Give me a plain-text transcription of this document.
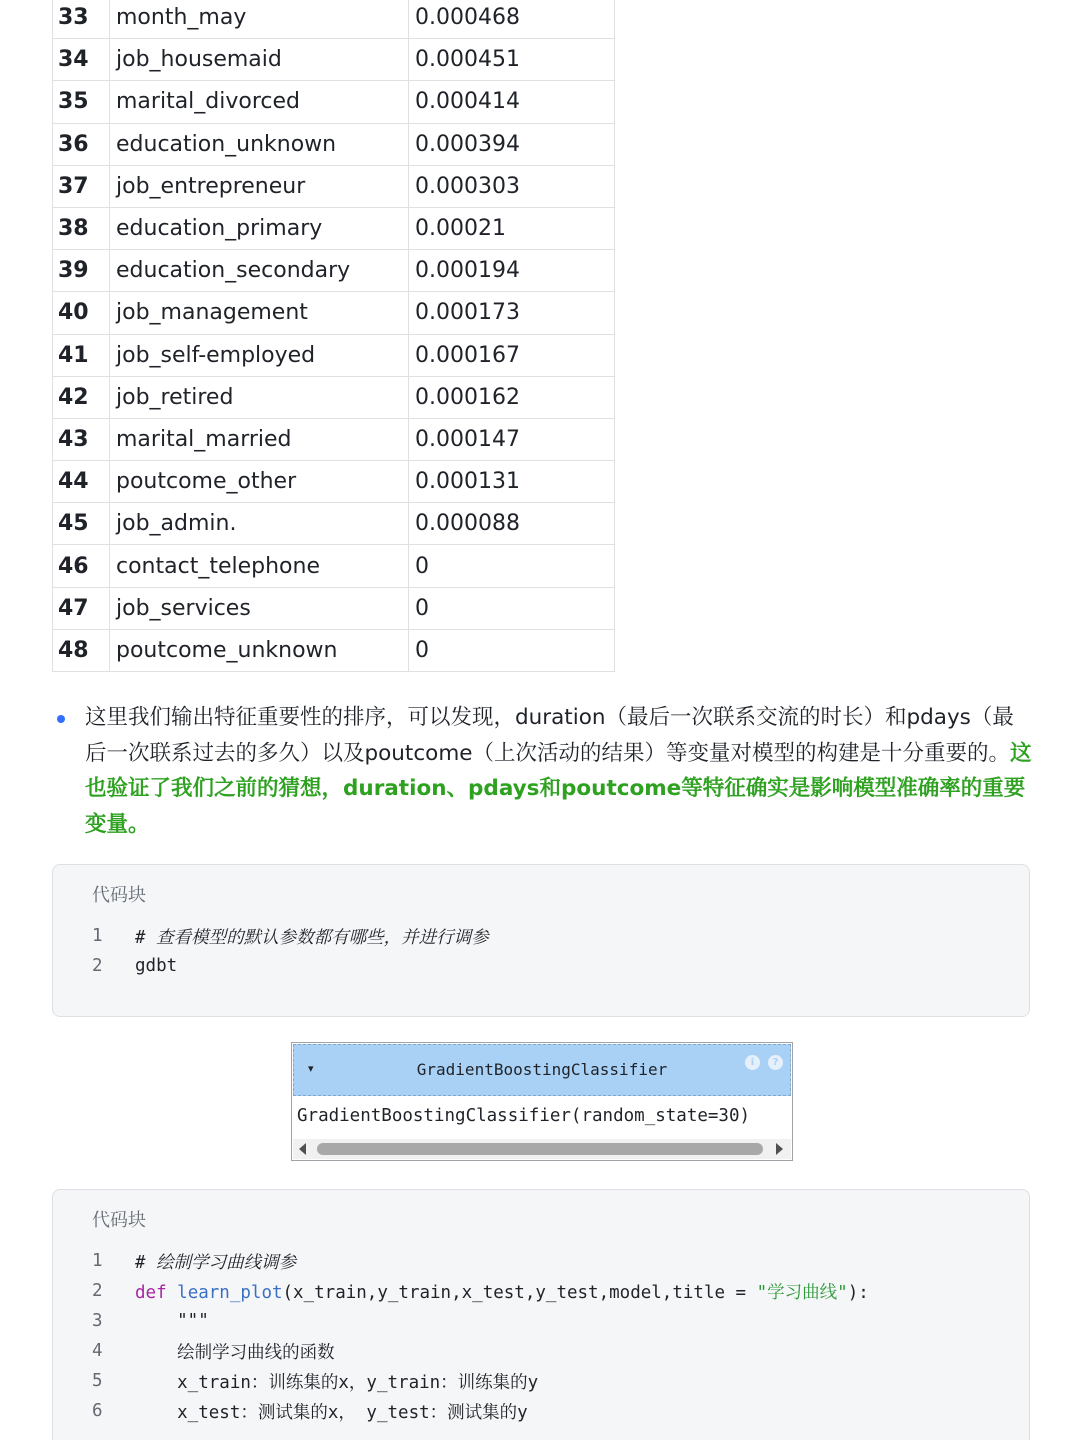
33	month_may	0.000468
34	job_housemaid	0.000451
35	marital_divorced	0.000414
36	education_unknown	0.000394
37	job_entrepreneur	0.000303
38	education_primary	0.00021
39	education_secondary	0.000194
40	job_management	0.000173
41	job_self-employed	0.000167
42	job_retired	0.000162
43	marital_married	0.000147
44	poutcome_other	0.000131
45	job_admin.	0.000088
46	contact_telephone	0
47	job_services	0
48	poutcome_unknown	0

这里我们输出特征重要性的排序，可以发现，duration（最后一次联系交流的时长）和pdays（最后一次联系过去的多久）以及poutcome（上次活动的结果）等变量对模型的构建是十分重要的。这也验证了我们之前的猜想，duration、pdays和poutcome等特征确实是影响模型准确率的重要变量。

代码块
1	# 查看模型的默认参数都有哪些，并进行调参
2	gdbt
▾	GradientBoostingClassifier	i	?
GradientBoostingClassifier(random_state=30)
代码块
1	# 绘制学习曲线调参
2	def learn_plot(x_train,y_train,x_test,y_test,model,title = "学习曲线"):
3	"""
4	绘制学习曲线的函数
5	x_train：训练集的x，y_train：训练集的y
6	x_test：测试集的x， y_test：测试集的y
